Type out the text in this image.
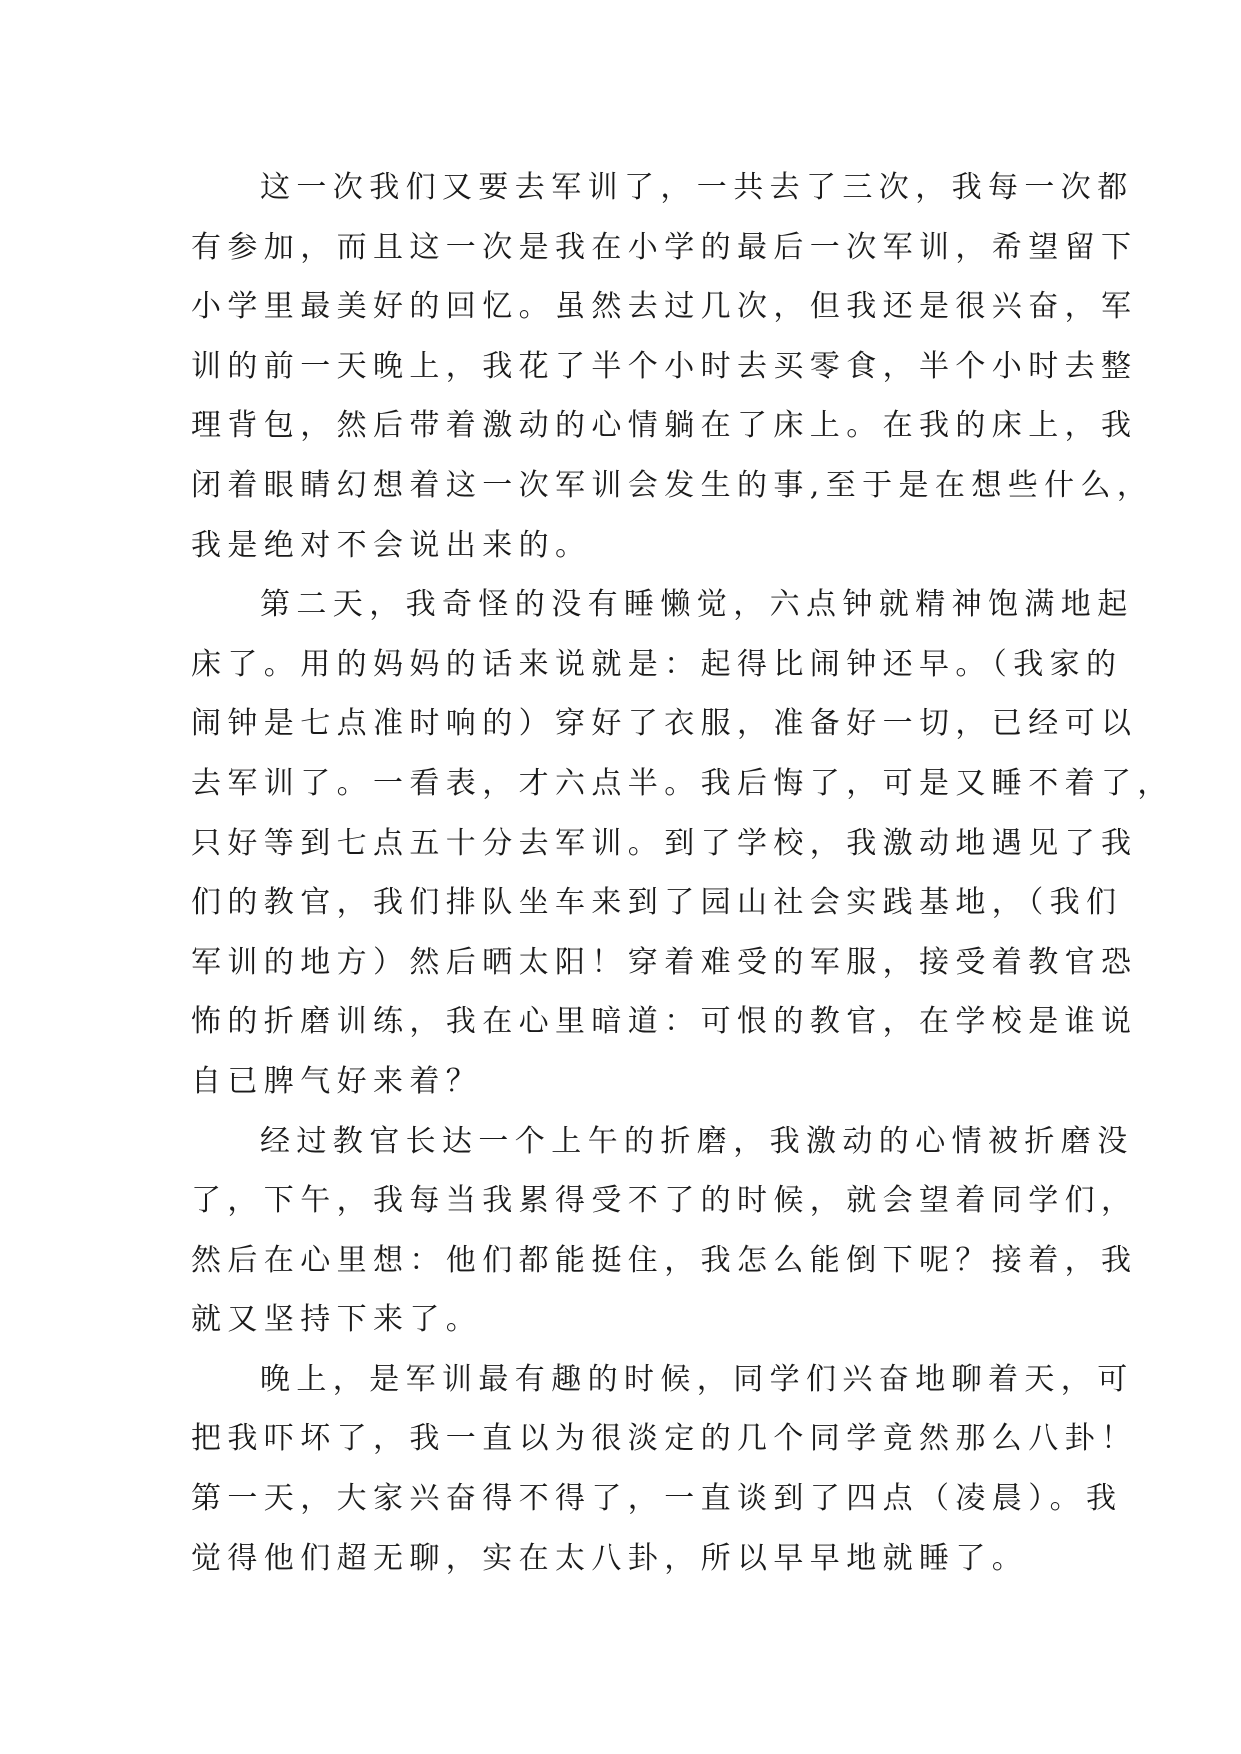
这一次我们又要去军训了，一共去了三次，我每一次都
有参加，而且这一次是我在小学的最后一次军训，希望留下
小学里最美好的回忆。虽然去过几次，但我还是很兴奋，军
训的前一天晚上，我花了半个小时去买零食，半个小时去整
理背包，然后带着激动的心情躺在了床上。在我的床上，我
闭着眼睛幻想着这一次军训会发生的事,至于是在想些什么，
我是绝对不会说出来的。
第二天，我奇怪的没有睡懒觉，六点钟就精神饱满地起
床了。用的妈妈的话来说就是：起得比闹钟还早。（我家的
闹钟是七点准时响的）穿好了衣服，准备好一切，已经可以
去军训了。一看表，才六点半。我后悔了，可是又睡不着了，
只好等到七点五十分去军训。到了学校，我激动地遇见了我
们的教官，我们排队坐车来到了园山社会实践基地，（我们
军训的地方）然后晒太阳！穿着难受的军服，接受着教官恐
怖的折磨训练，我在心里暗道：可恨的教官，在学校是谁说
自已脾气好来着？
经过教官长达一个上午的折磨，我激动的心情被折磨没
了，下午，我每当我累得受不了的时候，就会望着同学们，
然后在心里想：他们都能挺住，我怎么能倒下呢？接着，我
就又坚持下来了。
晚上，是军训最有趣的时候，同学们兴奋地聊着天，可
把我吓坏了，我一直以为很淡定的几个同学竟然那么八卦！
第一天，大家兴奋得不得了，一直谈到了四点（凌晨）。我
觉得他们超无聊，实在太八卦，所以早早地就睡了。
